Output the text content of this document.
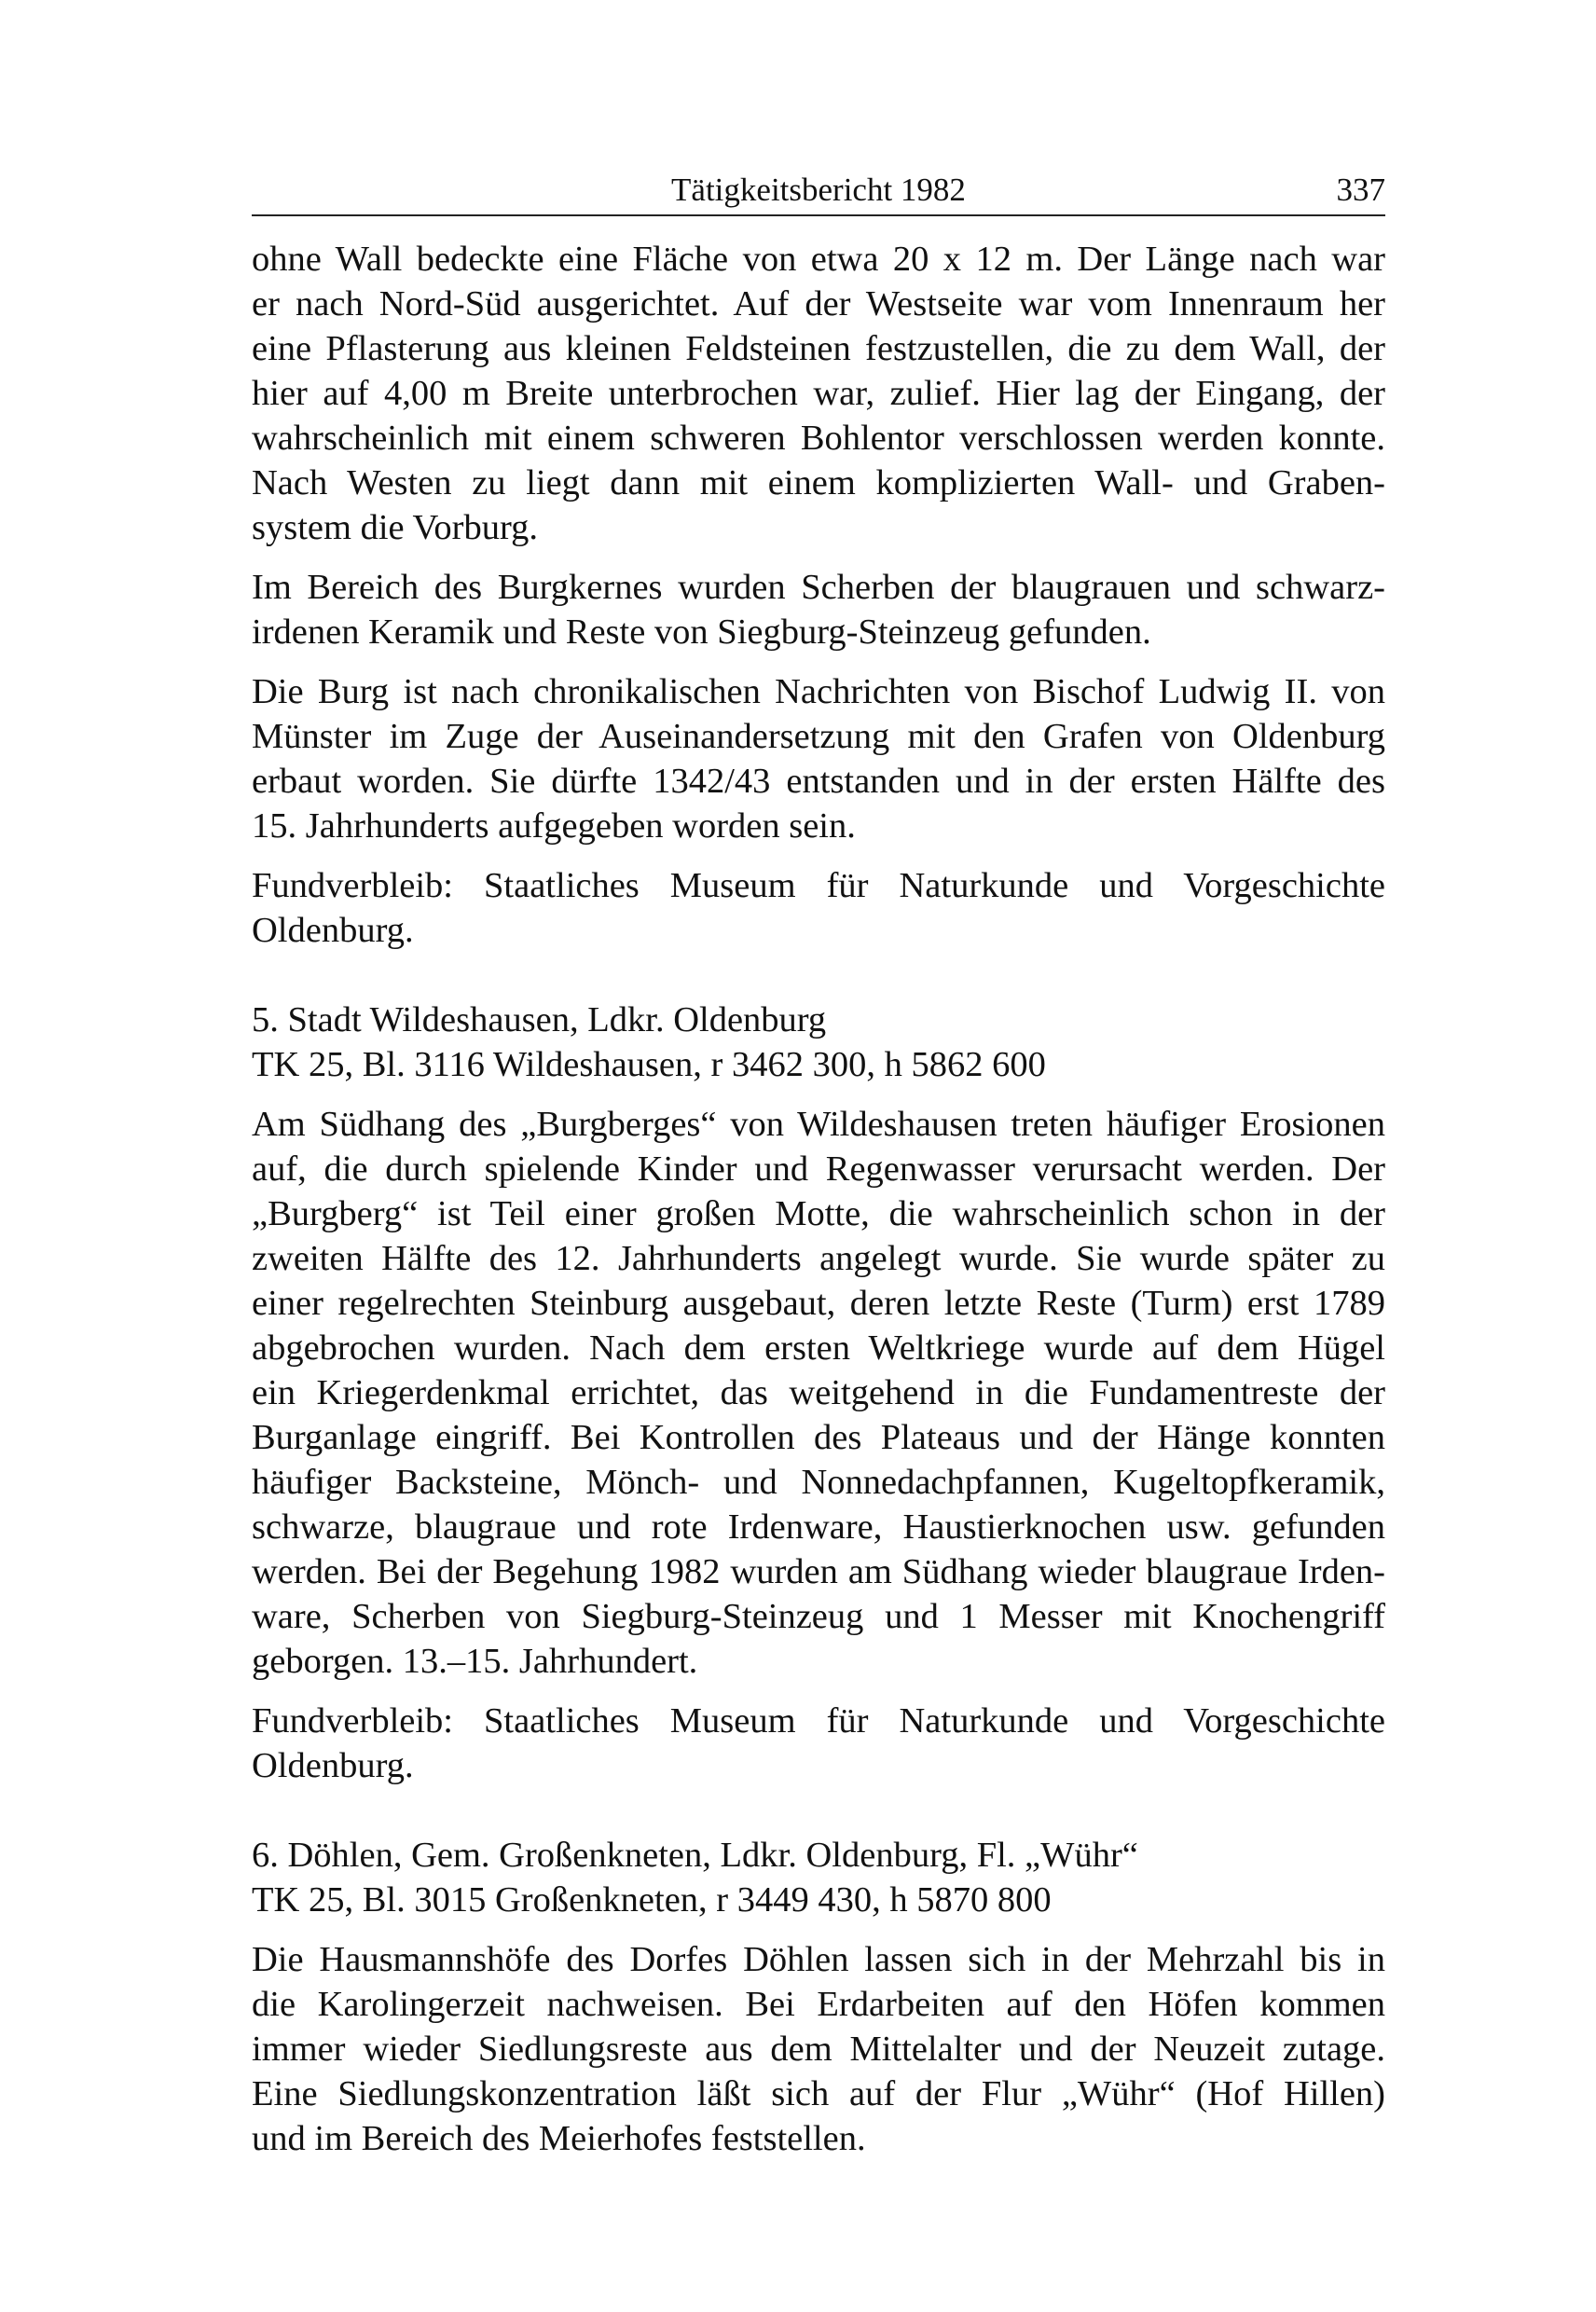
Tätigkeitsbericht 1982	337
ohne Wall bedeckte eine Fläche von etwa 20 x 12 m. Der Länge nach war
er nach Nord-Süd ausgerichtet. Auf der Westseite war vom Innenraum her
eine Pflasterung aus kleinen Feldsteinen festzustellen, die zu dem Wall, der
hier auf 4,00 m Breite unterbrochen war, zulief. Hier lag der Eingang, der
wahrscheinlich mit einem schweren Bohlentor verschlossen werden konnte.
Nach Westen zu liegt dann mit einem komplizierten Wall- und Graben-
system die Vorburg.
Im Bereich des Burgkernes wurden Scherben der blaugrauen und schwarz-
irdenen Keramik und Reste von Siegburg-Steinzeug gefunden.
Die Burg ist nach chronikalischen Nachrichten von Bischof Ludwig II. von
Münster im Zuge der Auseinandersetzung mit den Grafen von Oldenburg
erbaut worden. Sie dürfte 1342/43 entstanden und in der ersten Hälfte des
15. Jahrhunderts aufgegeben worden sein.
Fundverbleib: Staatliches Museum für Naturkunde und Vorgeschichte
Oldenburg.
5. Stadt Wildeshausen, Ldkr. Oldenburg
TK 25, Bl. 3116 Wildeshausen, r 3462 300, h 5862 600
Am Südhang des „Burgberges“ von Wildeshausen treten häufiger Erosionen
auf, die durch spielende Kinder und Regenwasser verursacht werden. Der
„Burgberg“ ist Teil einer großen Motte, die wahrscheinlich schon in der
zweiten Hälfte des 12. Jahrhunderts angelegt wurde. Sie wurde später zu
einer regelrechten Steinburg ausgebaut, deren letzte Reste (Turm) erst 1789
abgebrochen wurden. Nach dem ersten Weltkriege wurde auf dem Hügel
ein Kriegerdenkmal errichtet, das weitgehend in die Fundamentreste der
Burganlage eingriff. Bei Kontrollen des Plateaus und der Hänge konnten
häufiger Backsteine, Mönch- und Nonnedachpfannen, Kugeltopfkeramik,
schwarze, blaugraue und rote Irdenware, Haustierknochen usw. gefunden
werden. Bei der Begehung 1982 wurden am Südhang wieder blaugraue Irden-
ware, Scherben von Siegburg-Steinzeug und 1 Messer mit Knochengriff
geborgen. 13.–15. Jahrhundert.
Fundverbleib: Staatliches Museum für Naturkunde und Vorgeschichte
Oldenburg.
6. Döhlen, Gem. Großenkneten, Ldkr. Oldenburg, Fl. „Wühr“
TK 25, Bl. 3015 Großenkneten, r 3449 430, h 5870 800
Die Hausmannshöfe des Dorfes Döhlen lassen sich in der Mehrzahl bis in
die Karolingerzeit nachweisen. Bei Erdarbeiten auf den Höfen kommen
immer wieder Siedlungsreste aus dem Mittelalter und der Neuzeit zutage.
Eine Siedlungskonzentration läßt sich auf der Flur „Wühr“ (Hof Hillen)
und im Bereich des Meierhofes feststellen.
